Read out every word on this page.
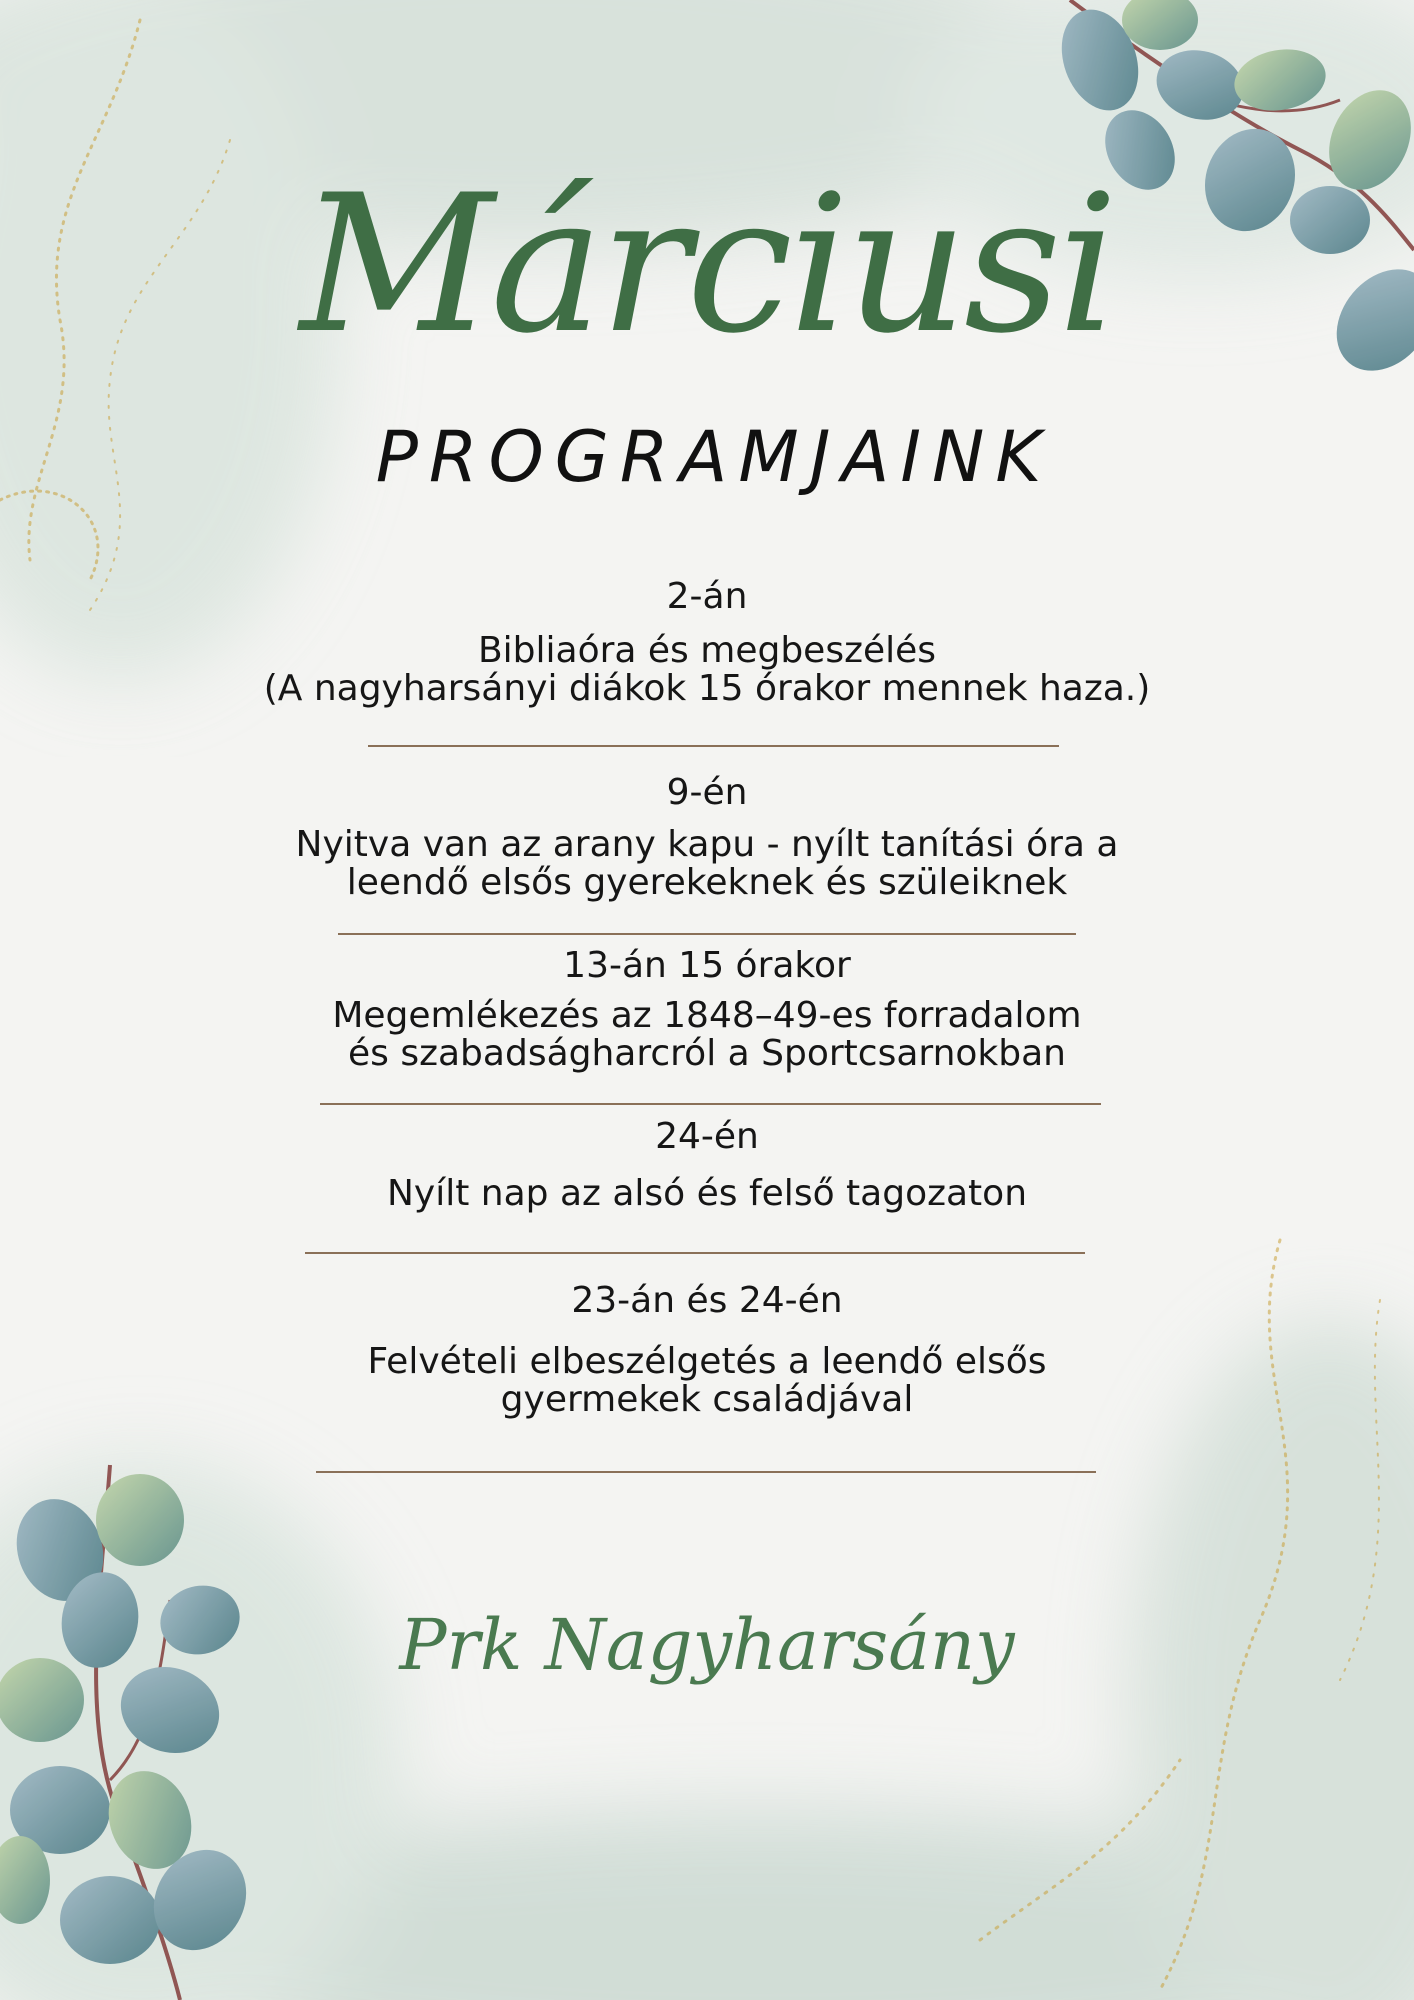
Márciusi
PROGRAMJAINK
2-án
Bibliaóra és megbeszélés
(A nagyharsányi diákok 15 órakor mennek haza.)
9-én
Nyitva van az arany kapu - nyílt tanítási óra a
leendő elsős gyerekeknek és szüleiknek
13-án 15 órakor
Megemlékezés az 1848–49-es forradalom
és szabadságharcról a Sportcsarnokban
24-én
Nyílt nap az alsó és felső tagozaton
23-án és 24-én
Felvételi elbeszélgetés a leendő elsős
gyermekek családjával
Prk Nagyharsány
